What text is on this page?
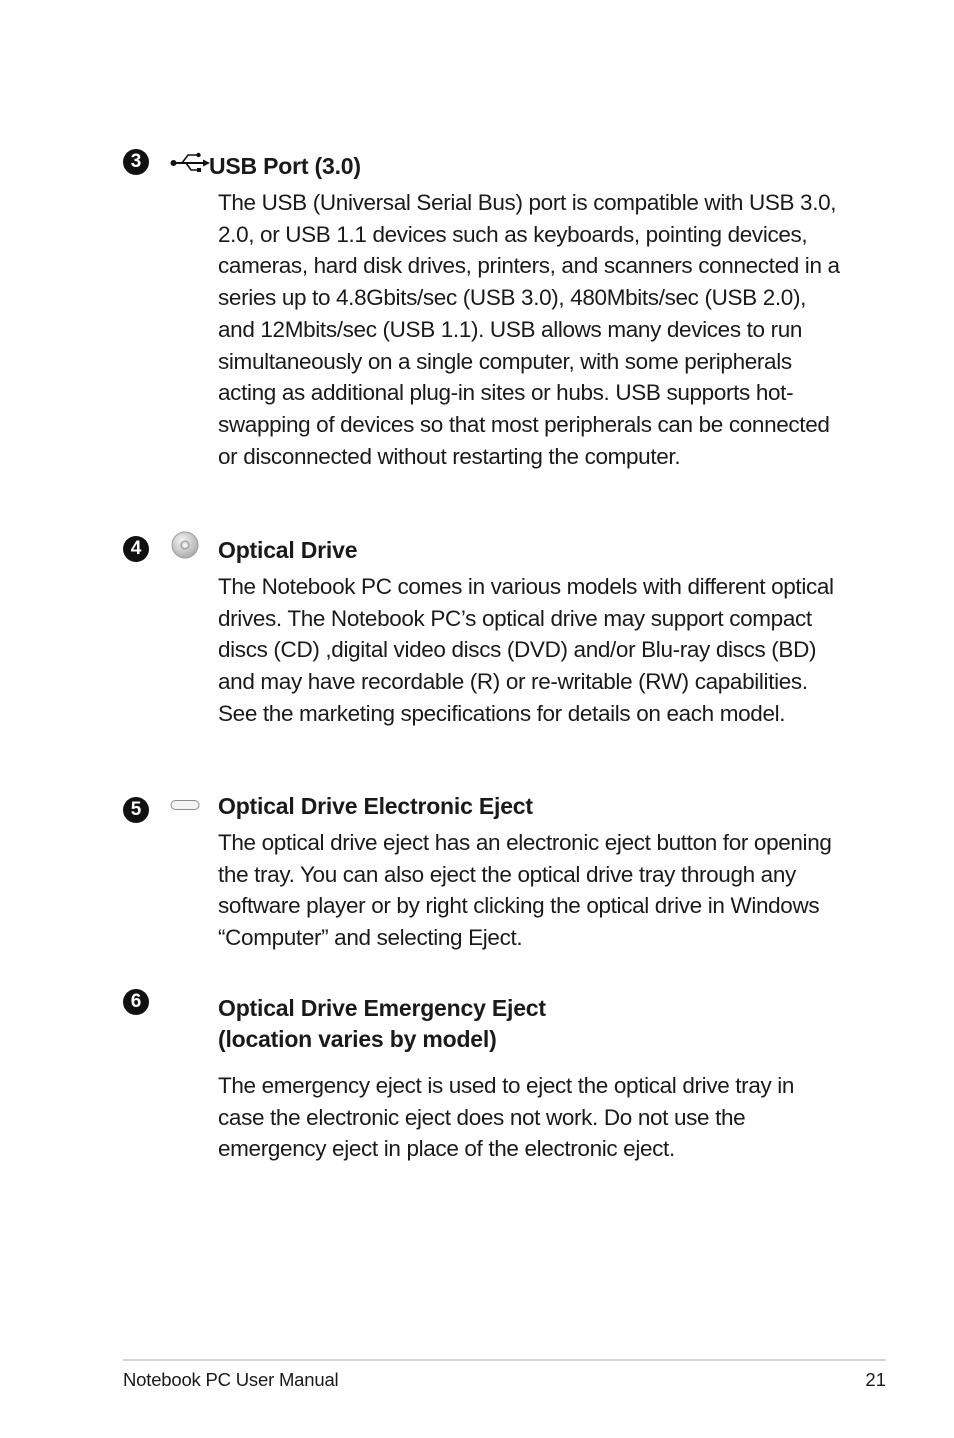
3	USB Port (3.0)

The USB (Universal Serial Bus) port is compatible with USB 3.0, 2.0, or USB 1.1 devices such as keyboards, pointing devices, cameras, hard disk drives, printers, and scanners connected in a series up to 4.8Gbits/sec (USB 3.0), 480Mbits/sec (USB 2.0), and 12Mbits/sec (USB 1.1). USB allows many devices to run simultaneously on a single computer, with some peripherals acting as additional plug-in sites or hubs. USB supports hot-swapping of devices so that most peripherals can be connected or disconnected without restarting the computer.

4	Optical Drive

The Notebook PC comes in various models with different optical drives. The Notebook PC’s optical drive may support compact discs (CD) ,digital video discs (DVD) and/or Blu-ray discs (BD) and may have recordable (R) or re-writable (RW) capabilities. See the marketing specifications for details on each model.

5	Optical Drive Electronic Eject

The optical drive eject has an electronic eject button for opening the tray. You can also eject the optical drive tray through any software player or by right clicking the optical drive in Windows “Computer” and selecting Eject.

6	Optical Drive Emergency Eject
(location varies by model)

The emergency eject is used to eject the optical drive tray in case the electronic eject does not work. Do not use the emergency eject in place of the electronic eject.

Notebook PC User Manual	21
